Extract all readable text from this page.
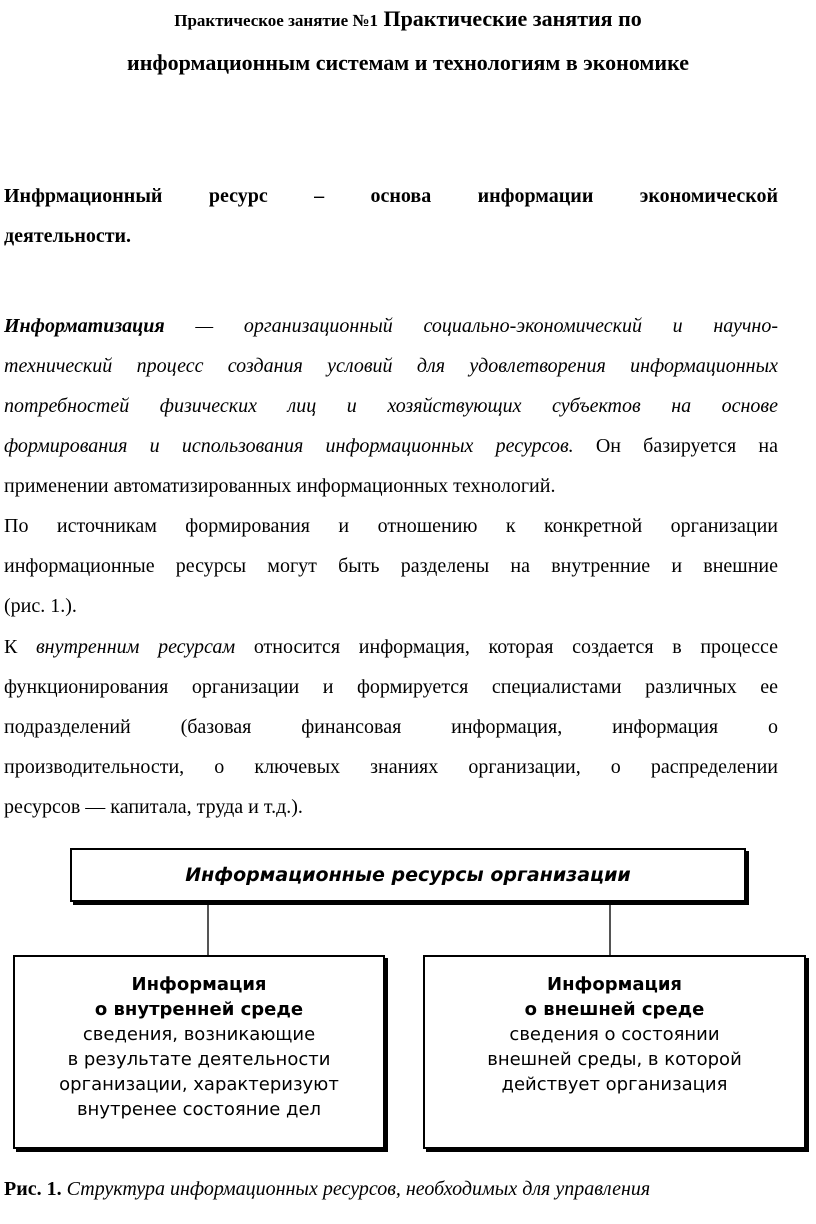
Практическое занятие №1 Практические занятия по
информационным системам и технологиям в экономике
Инфрмационный ресурс – основа информации экономической
деятельности.
Информатизация — организационный социально-экономический и научно-
технический процесс создания условий для удовлетворения информационных
потребностей физических лиц и хозяйствующих субъектов на основе
формирования и использования информационных ресурсов. Он базируется на
применении автоматизированных информационных технологий.
По источникам формирования и отношению к конкретной организации
информационные ресурсы могут быть разделены на внутренние и внешние
(рис. 1.).
К внутренним ресурсам относится информация, которая создается в процессе
функционирования организации и формируется специалистами различных ее
подразделений (базовая финансовая информация, информация о
производительности, о ключевых знаниях организации, о распределении
ресурсов — капитала, труда и т.д.).
Информационные ресурсы организации
Информация
о внутренней среде
сведения, возникающие
в результате деятельности
организации, характеризуют
внутренее состояние дел
Информация
о внешней среде
сведения о состоянии
внешней среды, в которой
действует организация
Рис. 1. Структура информационных ресурсов, необходимых для управления
